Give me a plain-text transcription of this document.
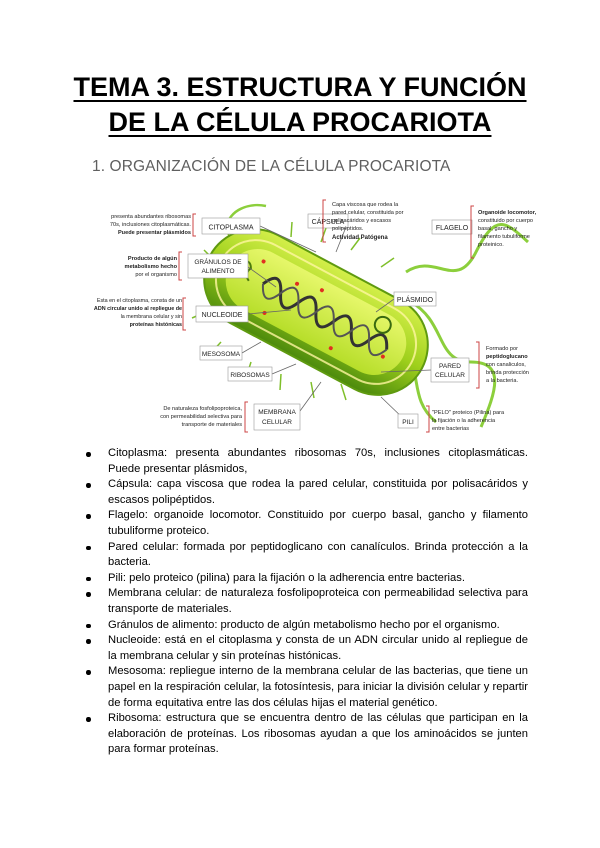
TEMA 3. ESTRUCTURA Y FUNCIÓN
DE LA CÉLULA PROCARIOTA
1. ORGANIZACIÓN DE LA CÉLULA PROCARIOTA
CITOPLASMA
GRÁNULOS DE
ALIMENTO
NUCLEOIDE
MESOSOMA
RIBOSOMAS
MEMBRANA
CELULAR
CÁPSULA
FLAGELO
PLÁSMIDO
PARED
CELULAR
PILI
presenta abundantes ribosomas
70s, inclusiones citoplasmáticas.
Puede presentar plásmidos
Producto de algún
metabolismo hecho
por el organismo
Esta en el citoplasma, consta de un
ADN circular unido al repliegue de
la membrana celular y sin
proteínas histónicas
De naturaleza fosfolipoproteica,
con permeabilidad selectiva para
transporte de materiales
Capa viscosa que rodea la
pared celular, constituida por
polisacáridos y escasos
polipéptidos.
Actividad Patógena
Organoide locomotor,
constituido por cuerpo
basal, gancho y
filamento tubuliforme
proteinico.
Formado por
peptidoglucano
con canaliculos,
brinda protección
a la bacteria.
"PELO" proteico (Pilina) para
la fijación o la adherencia
entre bacterias
Citoplasma: presenta abundantes ribosomas 70s, inclusiones citoplasmáticas. Puede presentar plásmidos,
Cápsula: capa viscosa que rodea la pared celular, constituida por polisacáridos y escasos polipéptidos.
Flagelo: organoide locomotor. Constituido por cuerpo basal, gancho y filamento tubuliforme proteico.
Pared celular: formada por peptidoglicano con canalículos. Brinda protección a la bacteria.
Pili: pelo proteico (pilina) para la fijación o la adherencia entre bacterias.
Membrana celular: de naturaleza fosfolipoproteica con permeabilidad selectiva para transporte de materiales.
Gránulos de alimento: producto de algún metabolismo hecho por el organismo.
Nucleoide: está en el citoplasma y consta de un ADN circular unido al repliegue de la membrana celular y sin proteínas histónicas.
Mesosoma: repliegue interno de la membrana celular de las bacterias, que tiene un papel en la respiración celular, la fotosíntesis, para iniciar la división celular y repartir de forma equitativa entre las dos células hijas el material genético.
Ribosoma: estructura que se encuentra dentro de las células que participan en la elaboración de proteínas. Los ribosomas ayudan a que los aminoácidos se junten para formar proteínas.
